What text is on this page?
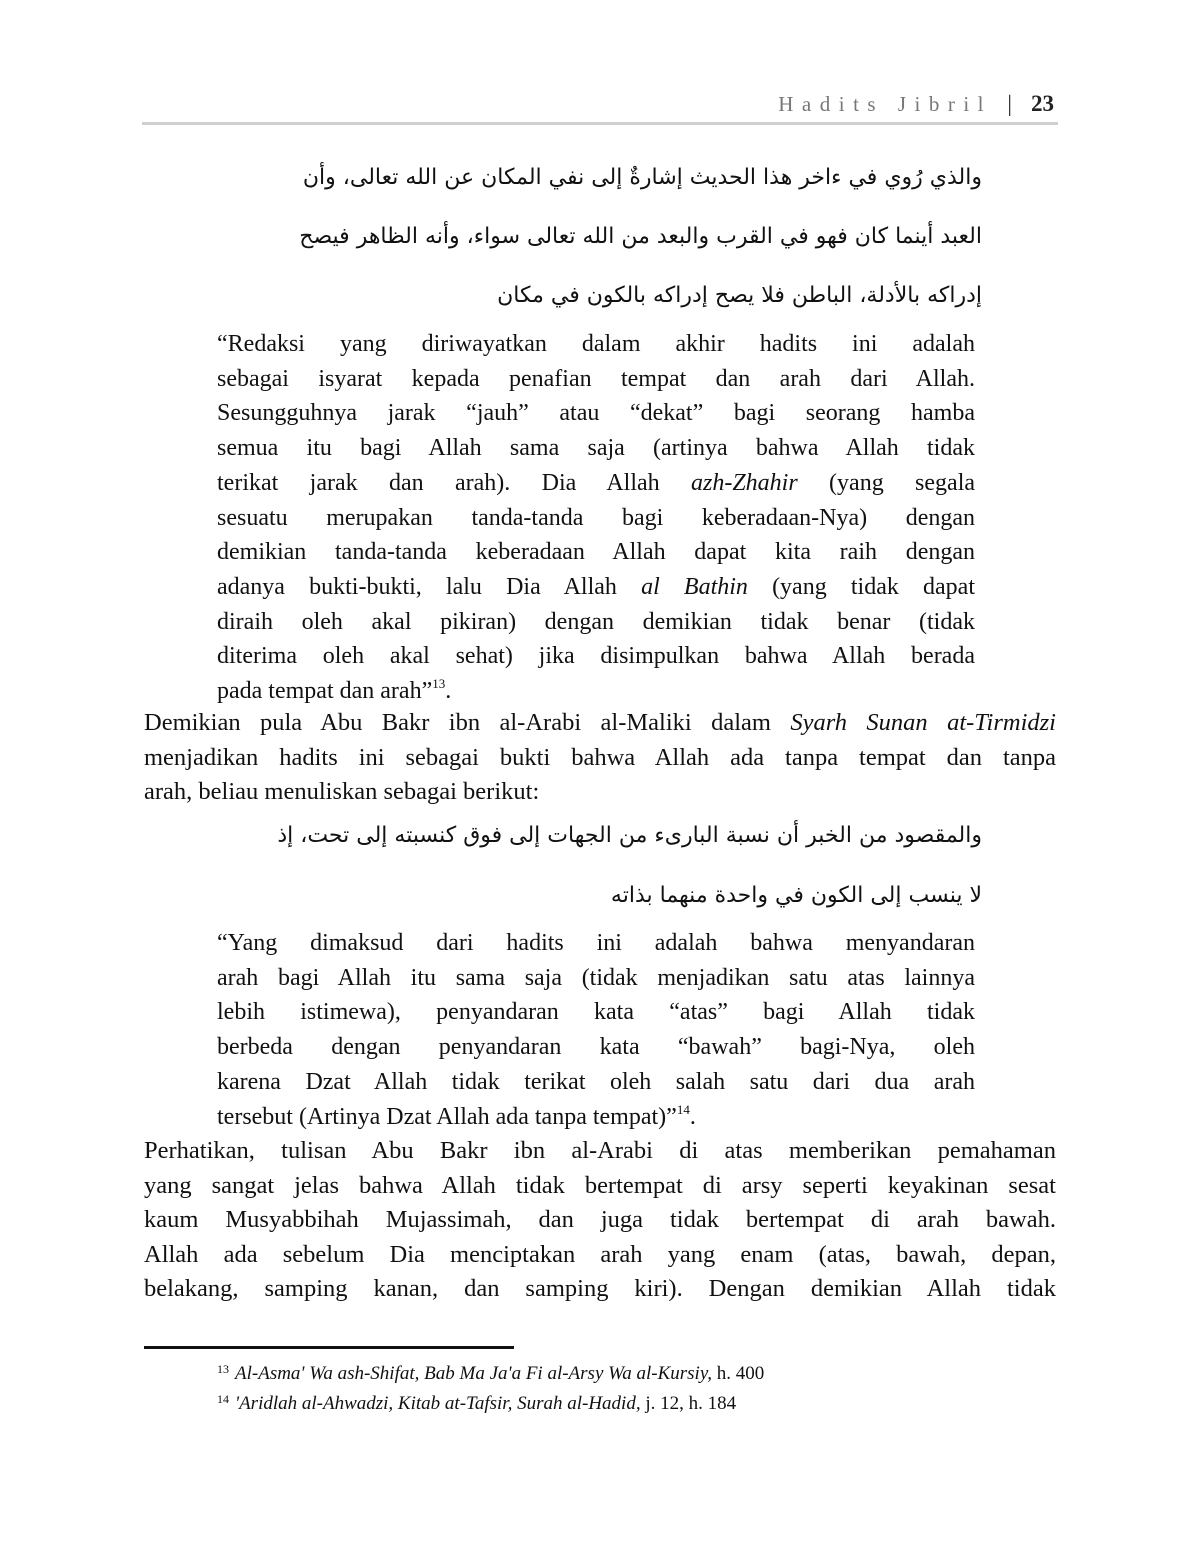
Hadits Jibril | 23
والذي رُوي في ءاخر هذا الحديث إشارةٌ إلى نفي المكان عن الله تعالى، وأن
العبد أينما كان فهو في القرب والبعد من الله تعالى سواء، وأنه الظاهر فيصح
إدراكه بالأدلة، الباطن فلا يصح إدراكه بالكون في مكان
“Redaksi yang diriwayatkan dalam akhir hadits ini adalah
sebagai isyarat kepada penafian tempat dan arah dari Allah.
Sesungguhnya jarak “jauh” atau “dekat” bagi seorang hamba
semua itu bagi Allah sama saja (artinya bahwa Allah tidak
terikat jarak dan arah). Dia Allah azh-Zhahir (yang segala
sesuatu merupakan tanda-tanda bagi keberadaan-Nya) dengan
demikian tanda-tanda keberadaan Allah dapat kita raih dengan
adanya bukti-bukti, lalu Dia Allah al Bathin (yang tidak dapat
diraih oleh akal pikiran) dengan demikian tidak benar (tidak
diterima oleh akal sehat) jika disimpulkan bahwa Allah berada
pada tempat dan arah”$^{13}$.
Demikian pula Abu Bakr ibn al-Arabi al-Maliki dalam Syarh Sunan at-Tirmidzi
menjadikan hadits ini sebagai bukti bahwa Allah ada tanpa tempat dan tanpa
arah, beliau menuliskan sebagai berikut:
والمقصود من الخبر أن نسبة البارىء من الجهات إلى فوق كنسبته إلى تحت، إذ
لا ينسب إلى الكون في واحدة منهما بذاته
“Yang dimaksud dari hadits ini adalah bahwa menyandaran
arah bagi Allah itu sama saja (tidak menjadikan satu atas lainnya
lebih istimewa), penyandaran kata “atas” bagi Allah tidak
berbeda dengan penyandaran kata “bawah” bagi-Nya, oleh
karena Dzat Allah tidak terikat oleh salah satu dari dua arah
tersebut (Artinya Dzat Allah ada tanpa tempat)”$^{14}$.
Perhatikan, tulisan Abu Bakr ibn al-Arabi di atas memberikan pemahaman
yang sangat jelas bahwa Allah tidak bertempat di arsy seperti keyakinan sesat
kaum Musyabbihah Mujassimah, dan juga tidak bertempat di arah bawah.
Allah ada sebelum Dia menciptakan arah yang enam (atas, bawah, depan,
belakang, samping kanan, dan samping kiri). Dengan demikian Allah tidak
$^{13}$ Al-Asma' Wa ash-Shifat, Bab Ma Ja'a Fi al-Arsy Wa al-Kursiy, h. 400
$^{14}$ 'Aridlah al-Ahwadzi, Kitab at-Tafsir, Surah al-Hadid, j. 12, h. 184
